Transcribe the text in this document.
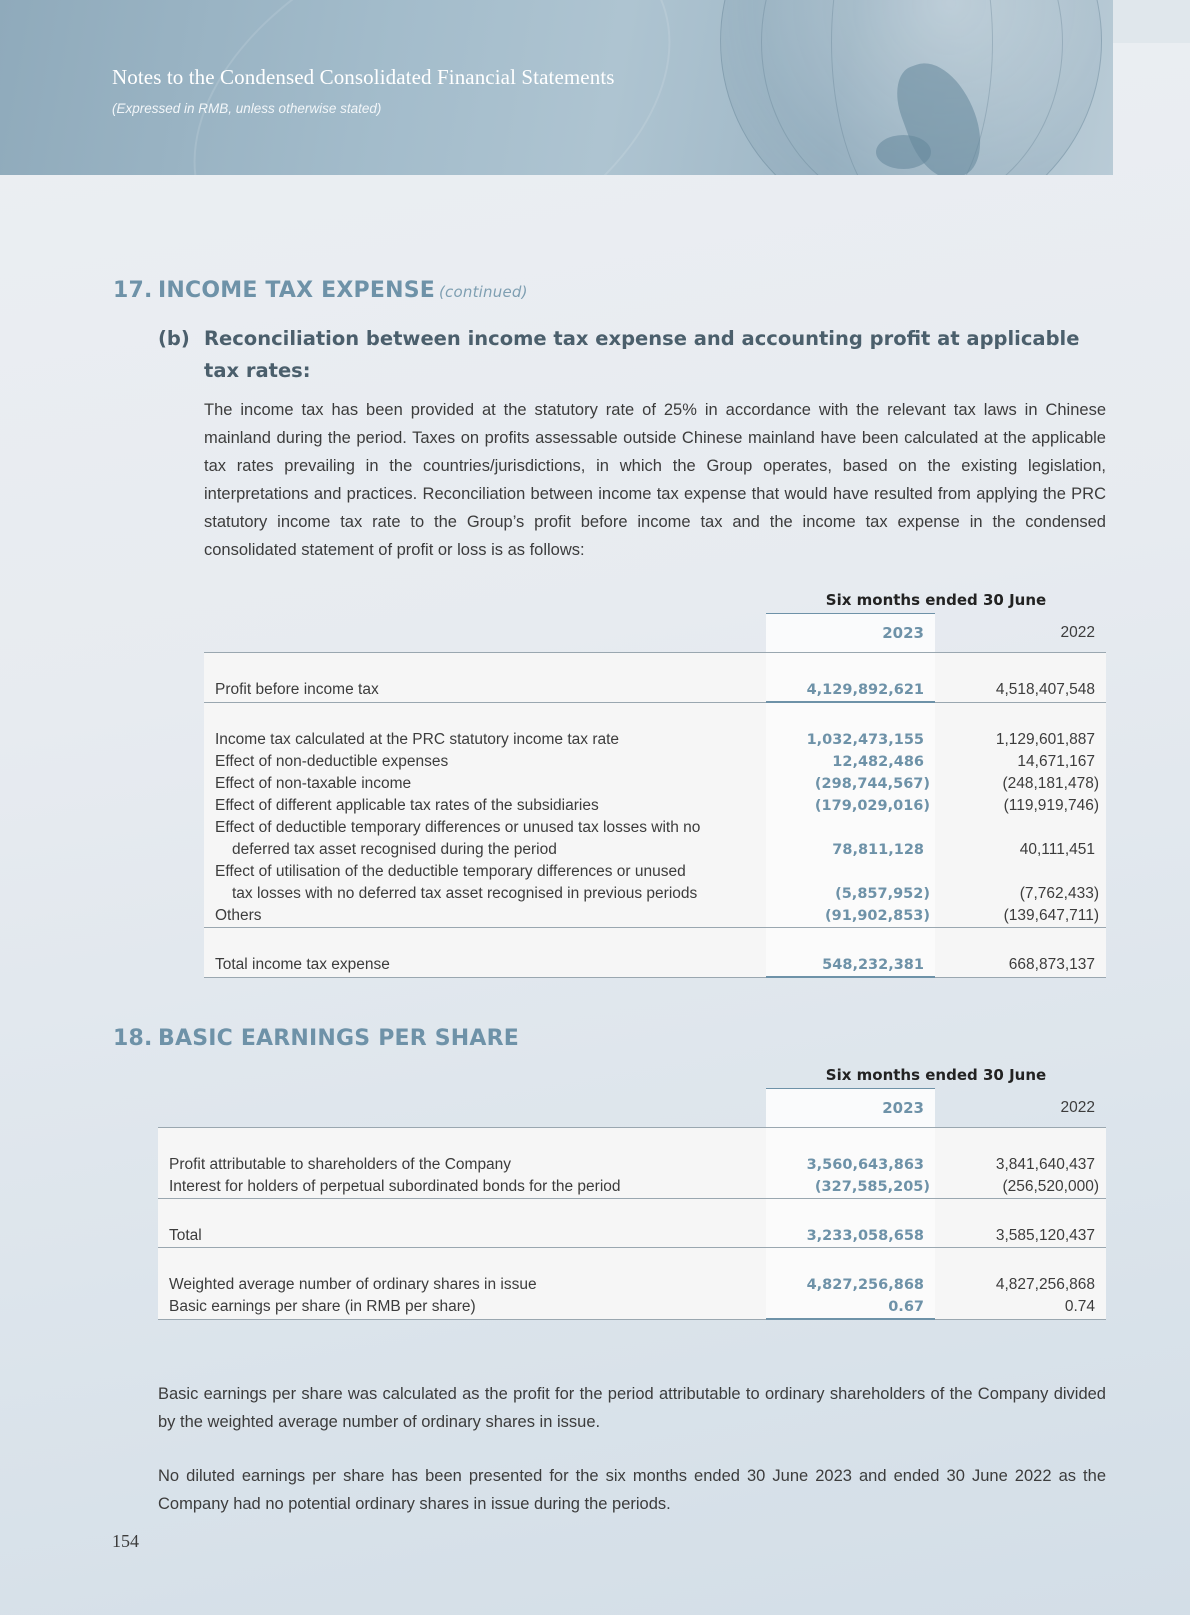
Notes to the Condensed Consolidated Financial Statements
(Expressed in RMB, unless otherwise stated)
17. INCOME TAX EXPENSE (continued)
(b) Reconciliation between income tax expense and accounting profit at applicable tax rates:
The income tax has been provided at the statutory rate of 25% in accordance with the relevant tax laws in Chinese mainland during the period. Taxes on profits assessable outside Chinese mainland have been calculated at the applicable tax rates prevailing in the countries/jurisdictions, in which the Group operates, based on the existing legislation, interpretations and practices. Reconciliation between income tax expense that would have resulted from applying the PRC statutory income tax rate to the Group’s profit before income tax and the income tax expense in the condensed consolidated statement of profit or loss is as follows:
	Six months ended 30 June	
	2023	2022

Profit before income tax	4,129,892,621	4,518,407,548

Income tax calculated at the PRC statutory income tax rate	1,032,473,155	1,129,601,887
Effect of non-deductible expenses	12,482,486	14,671,167
Effect of non-taxable income	(298,744,567)	(248,181,478)
Effect of different applicable tax rates of the subsidiaries	(179,029,016)	(119,919,746)
Effect of deductible temporary differences or unused tax losses with no		
deferred tax asset recognised during the period	78,811,128	40,111,451
Effect of utilisation of the deductible temporary differences or unused		
tax losses with no deferred tax asset recognised in previous periods	(5,857,952)	(7,762,433)
Others	(91,902,853)	(139,647,711)

Total income tax expense	548,232,381	668,873,137
18. BASIC EARNINGS PER SHARE
	Six months ended 30 June	
	2023	2022

Profit attributable to shareholders of the Company	3,560,643,863	3,841,640,437
Interest for holders of perpetual subordinated bonds for the period	(327,585,205)	(256,520,000)

Total	3,233,058,658	3,585,120,437

Weighted average number of ordinary shares in issue	4,827,256,868	4,827,256,868
Basic earnings per share (in RMB per share)	0.67	0.74
Basic earnings per share was calculated as the profit for the period attributable to ordinary shareholders of the Company divided by the weighted average number of ordinary shares in issue.
No diluted earnings per share has been presented for the six months ended 30 June 2023 and ended 30 June 2022 as the Company had no potential ordinary shares in issue during the periods.
154
